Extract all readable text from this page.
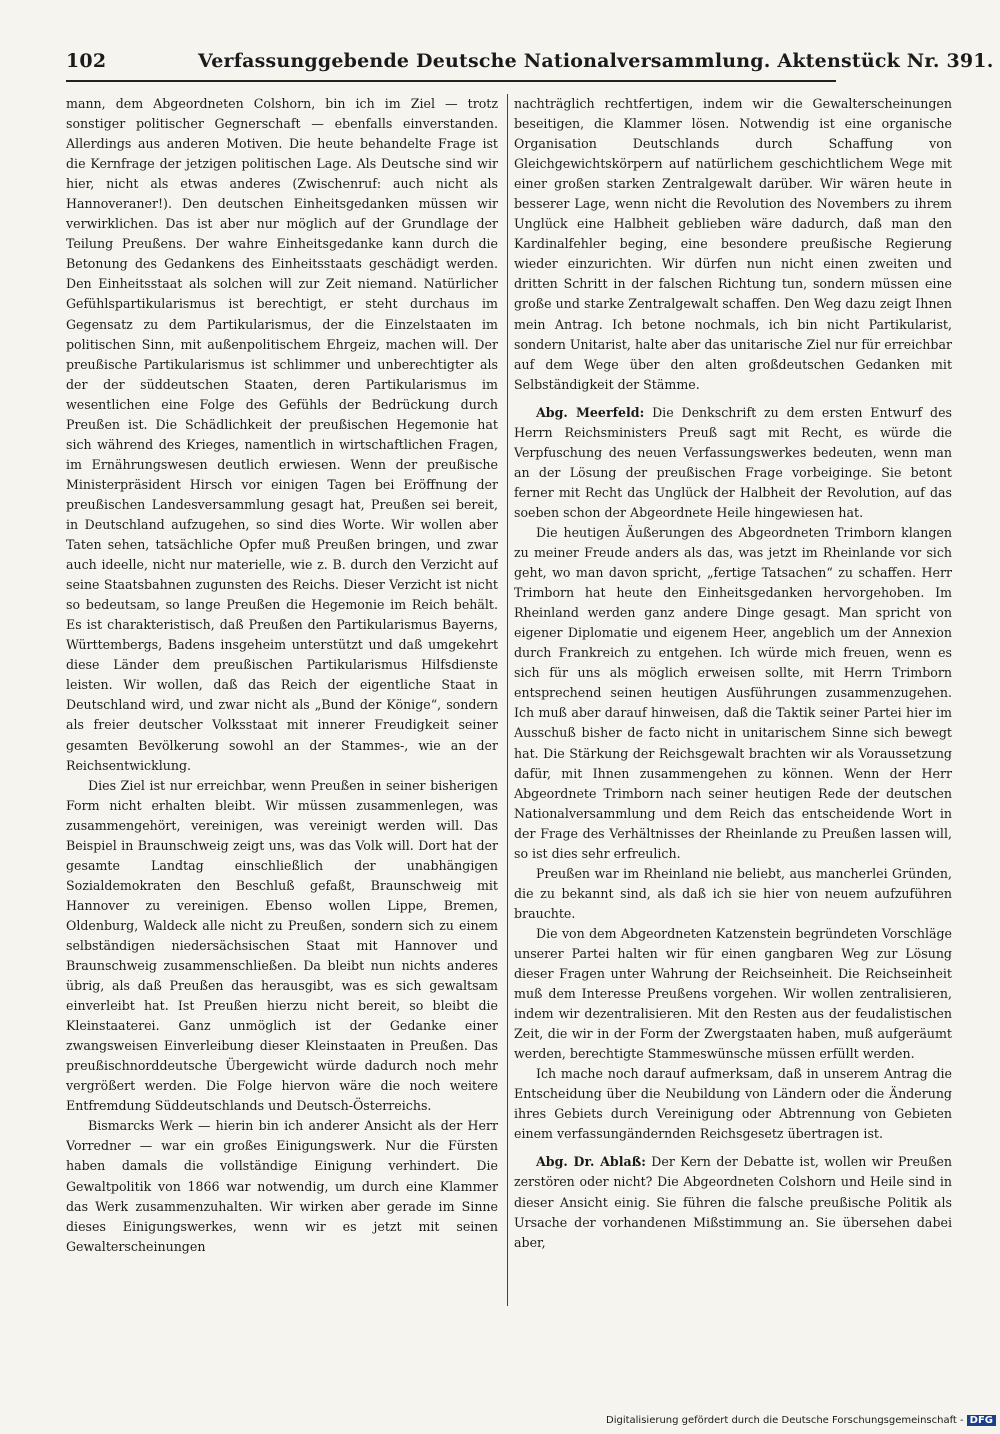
102	Verfassunggebende Deutsche Nationalversammlung. Aktenstück Nr. 391.

mann, dem Abgeordneten Colshorn, bin ich im Ziel — trotz sonstiger politischer Gegnerschaft — ebenfalls einverstanden. Allerdings aus anderen Motiven. Die heute behandelte Frage ist die Kernfrage der jetzigen politischen Lage. Als Deutsche sind wir hier, nicht als etwas anderes (Zwischenruf: auch nicht als Hannoveraner!). Den deutschen Einheitsgedanken müssen wir verwirklichen. Das ist aber nur möglich auf der Grundlage der Teilung Preußens. Der wahre Einheitsgedanke kann durch die Betonung des Gedankens des Einheitsstaats geschädigt werden. Den Einheitsstaat als solchen will zur Zeit niemand. Natürlicher Gefühlspartikularismus ist berechtigt, er steht durchaus im Gegensatz zu dem Partikularismus, der die Einzelstaaten im politischen Sinn, mit außenpolitischem Ehrgeiz, machen will. Der preußische Partikularismus ist schlimmer und unberechtigter als der der süddeutschen Staaten, deren Partikularismus im wesentlichen eine Folge des Gefühls der Bedrückung durch Preußen ist. Die Schädlichkeit der preußischen Hegemonie hat sich während des Krieges, namentlich in wirtschaftlichen Fragen, im Ernährungswesen deutlich erwiesen. Wenn der preußische Ministerpräsident Hirsch vor einigen Tagen bei Eröffnung der preußischen Landesversammlung gesagt hat, Preußen sei bereit, in Deutschland aufzugehen, so sind dies Worte. Wir wollen aber Taten sehen, tatsächliche Opfer muß Preußen bringen, und zwar auch ideelle, nicht nur materielle, wie z. B. durch den Verzicht auf seine Staatsbahnen zugunsten des Reichs. Dieser Verzicht ist nicht so bedeutsam, so lange Preußen die Hegemonie im Reich behält. Es ist charakteristisch, daß Preußen den Partikularismus Bayerns, Württembergs, Badens insgeheim unterstützt und daß umgekehrt diese Länder dem preußischen Partikularismus Hilfsdienste leisten. Wir wollen, daß das Reich der eigentliche Staat in Deutschland wird, und zwar nicht als „Bund der Könige“, sondern als freier deutscher Volksstaat mit innerer Freudigkeit seiner gesamten Bevölkerung sowohl an der Stammes-, wie an der Reichsentwicklung.

Dies Ziel ist nur erreichbar, wenn Preußen in seiner bisherigen Form nicht erhalten bleibt. Wir müssen zusammenlegen, was zusammengehört, vereinigen, was vereinigt werden will. Das Beispiel in Braunschweig zeigt uns, was das Volk will. Dort hat der gesamte Landtag einschließlich der unabhängigen Sozialdemokraten den Beschluß gefaßt, Braunschweig mit Hannover zu vereinigen. Ebenso wollen Lippe, Bremen, Oldenburg, Waldeck alle nicht zu Preußen, sondern sich zu einem selbständigen niedersächsischen Staat mit Hannover und Braunschweig zusammenschließen. Da bleibt nun nichts anderes übrig, als daß Preußen das herausgibt, was es sich gewaltsam einverleibt hat. Ist Preußen hierzu nicht bereit, so bleibt die Kleinstaaterei. Ganz unmöglich ist der Gedanke einer zwangsweisen Einverleibung dieser Kleinstaaten in Preußen. Das preußischnorddeutsche Übergewicht würde dadurch noch mehr vergrößert werden. Die Folge hiervon wäre die noch weitere Entfremdung Süddeutschlands und Deutsch-Österreichs.

Bismarcks Werk — hierin bin ich anderer Ansicht als der Herr Vorredner — war ein großes Einigungswerk. Nur die Fürsten haben damals die vollständige Einigung verhindert. Die Gewaltpolitik von 1866 war notwendig, um durch eine Klammer das Werk zusammenzuhalten. Wir wirken aber gerade im Sinne dieses Einigungswerkes, wenn wir es jetzt mit seinen Gewalterscheinungen

nachträglich rechtfertigen, indem wir die Gewalterscheinungen beseitigen, die Klammer lösen. Notwendig ist eine organische Organisation Deutschlands durch Schaffung von Gleichgewichtskörpern auf natürlichem geschichtlichem Wege mit einer großen starken Zentralgewalt darüber. Wir wären heute in besserer Lage, wenn nicht die Revolution des Novembers zu ihrem Unglück eine Halbheit geblieben wäre dadurch, daß man den Kardinalfehler beging, eine besondere preußische Regierung wieder einzurichten. Wir dürfen nun nicht einen zweiten und dritten Schritt in der falschen Richtung tun, sondern müssen eine große und starke Zentralgewalt schaffen. Den Weg dazu zeigt Ihnen mein Antrag. Ich betone nochmals, ich bin nicht Partikularist, sondern Unitarist, halte aber das unitarische Ziel nur für erreichbar auf dem Wege über den alten großdeutschen Gedanken mit Selbständigkeit der Stämme.

Abg. Meerfeld: Die Denkschrift zu dem ersten Entwurf des Herrn Reichsministers Preuß sagt mit Recht, es würde die Verpfuschung des neuen Verfassungswerkes bedeuten, wenn man an der Lösung der preußischen Frage vorbeiginge. Sie betont ferner mit Recht das Unglück der Halbheit der Revolution, auf das soeben schon der Abgeordnete Heile hingewiesen hat.

Die heutigen Äußerungen des Abgeordneten Trimborn klangen zu meiner Freude anders als das, was jetzt im Rheinlande vor sich geht, wo man davon spricht, „fertige Tatsachen“ zu schaffen. Herr Trimborn hat heute den Einheitsgedanken hervorgehoben. Im Rheinland werden ganz andere Dinge gesagt. Man spricht von eigener Diplomatie und eigenem Heer, angeblich um der Annexion durch Frankreich zu entgehen. Ich würde mich freuen, wenn es sich für uns als möglich erweisen sollte, mit Herrn Trimborn entsprechend seinen heutigen Ausführungen zusammenzugehen. Ich muß aber darauf hinweisen, daß die Taktik seiner Partei hier im Ausschuß bisher de facto nicht in unitarischem Sinne sich bewegt hat. Die Stärkung der Reichsgewalt brachten wir als Voraussetzung dafür, mit Ihnen zusammengehen zu können. Wenn der Herr Abgeordnete Trimborn nach seiner heutigen Rede der deutschen Nationalversammlung und dem Reich das entscheidende Wort in der Frage des Verhältnisses der Rheinlande zu Preußen lassen will, so ist dies sehr erfreulich.

Preußen war im Rheinland nie beliebt, aus mancherlei Gründen, die zu bekannt sind, als daß ich sie hier von neuem aufzuführen brauchte.

Die von dem Abgeordneten Katzenstein begründeten Vorschläge unserer Partei halten wir für einen gangbaren Weg zur Lösung dieser Fragen unter Wahrung der Reichseinheit. Die Reichseinheit muß dem Interesse Preußens vorgehen. Wir wollen zentralisieren, indem wir dezentralisieren. Mit den Resten aus der feudalistischen Zeit, die wir in der Form der Zwergstaaten haben, muß aufgeräumt werden, berechtigte Stammeswünsche müssen erfüllt werden.

Ich mache noch darauf aufmerksam, daß in unserem Antrag die Entscheidung über die Neubildung von Ländern oder die Änderung ihres Gebiets durch Vereinigung oder Abtrennung von Gebieten einem verfassungändernden Reichsgesetz übertragen ist.

Abg. Dr. Ablaß: Der Kern der Debatte ist, wollen wir Preußen zerstören oder nicht? Die Abgeordneten Colshorn und Heile sind in dieser Ansicht einig. Sie führen die falsche preußische Politik als Ursache der vorhandenen Mißstimmung an. Sie übersehen dabei aber,

Digitalisierung gefördert durch die Deutsche Forschungsgemeinschaft - DFG
